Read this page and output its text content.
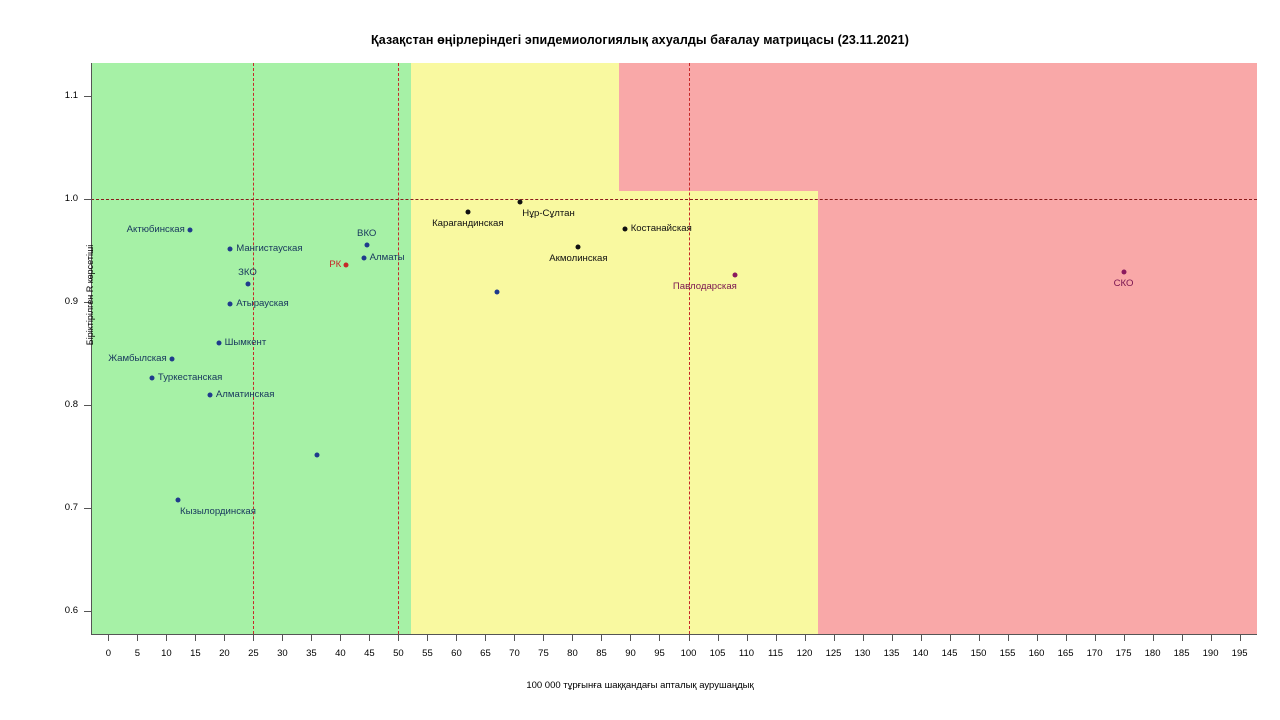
Қазақстан өңірлеріндегі эпидемиологиялық ахуалды бағалау матрицасы (23.11.2021)
Актюбинская
Мангистауская
ВКО
Алматы
РК
ЗКО
Атырауская
Шымкент
Жамбылская
Туркестанская
Алматинская
Кызылординская
Карагандинская
Нұр-Сұлтан
Костанайская
Акмолинская
Павлодарская	СКО
0.6
0.7
0.8
0.9
1.0
1.1
0 5 10 15 20 25 30 35 40 45 50 55 60 65 70 75 80 85 90 95 100 105 110 115 120 125 130 135 140 145 150 155 160 165 170 175 180 185 190 195
100 000 тұрғынға шаққандағы апталық аурушаңдық
Біріктірілген R көрсетіші
